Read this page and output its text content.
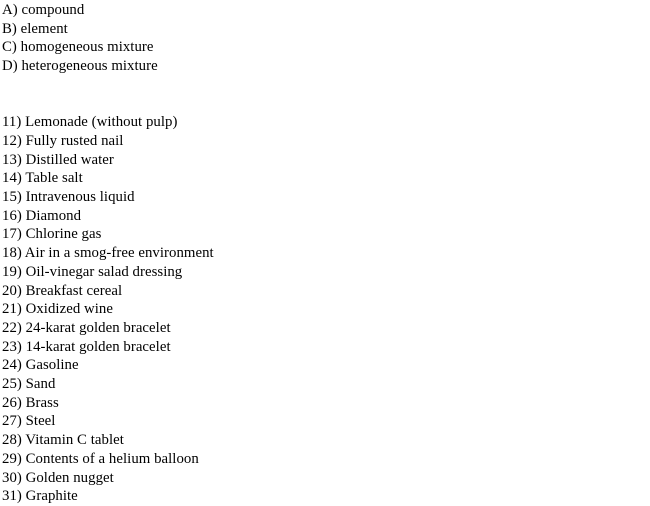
A) compound
B) element
C) homogeneous mixture
D) heterogeneous mixture
11) Lemonade (without pulp)
12) Fully rusted nail
13) Distilled water
14) Table salt
15) Intravenous liquid
16) Diamond
17) Chlorine gas
18) Air in a smog-free environment
19) Oil-vinegar salad dressing
20) Breakfast cereal
21) Oxidized wine
22) 24-karat golden bracelet
23) 14-karat golden bracelet
24) Gasoline
25) Sand
26) Brass
27) Steel
28) Vitamin C tablet
29) Contents of a helium balloon
30) Golden nugget
31) Graphite
